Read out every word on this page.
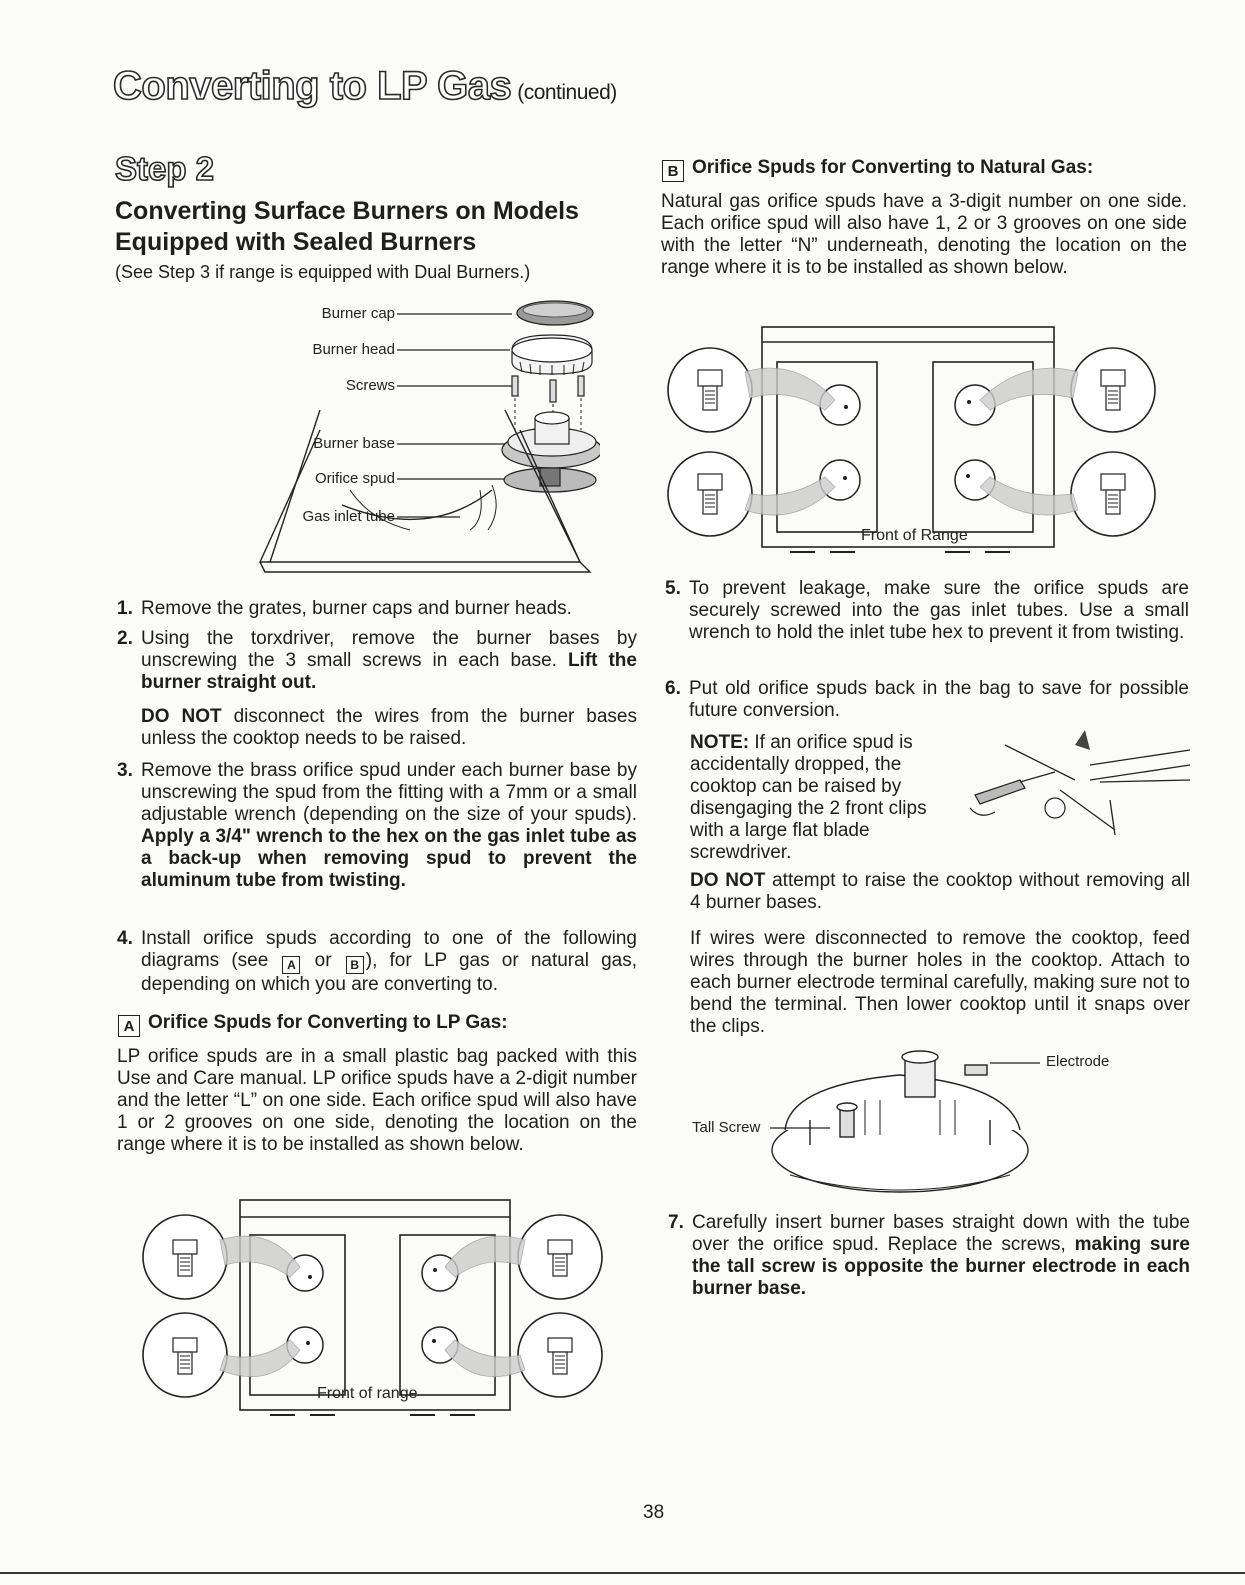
Converting to LP Gas (continued)
Step 2
Converting Surface Burners on Models Equipped with Sealed Burners
(See Step 3 if range is equipped with Dual Burners.)
Burner cap
Burner head
Screws
Burner base
Orifice spud
Gas inlet tube
1. Remove the grates, burner caps and burner heads.
2. Using the torxdriver, remove the burner bases by unscrewing the 3 small screws in each base. Lift the burner straight out.
DO NOT disconnect the wires from the burner bases unless the cooktop needs to be raised.
3. Remove the brass orifice spud under each burner base by unscrewing the spud from the fitting with a 7mm or a small adjustable wrench (depending on the size of your spuds). Apply a 3/4" wrench to the hex on the gas inlet tube as a back-up when removing spud to prevent the aluminum tube from twisting.
4. Install orifice spuds according to one of the following diagrams (see A or B ), for LP gas or natural gas, depending on which you are converting to.
A Orifice Spuds for Converting to LP Gas:
LP orifice spuds are in a small plastic bag packed with this Use and Care manual. LP orifice spuds have a 2-digit number and the letter “L” on one side. Each orifice spud will also have 1 or 2 grooves on one side, denoting the location on the range where it is to be installed as shown below.
Front of range
B Orifice Spuds for Converting to Natural Gas:
Natural gas orifice spuds have a 3-digit number on one side. Each orifice spud will also have 1, 2 or 3 grooves on one side with the letter “N” underneath, denoting the location on the range where it is to be installed as shown below.
Front of Range
5. To prevent leakage, make sure the orifice spuds are securely screwed into the gas inlet tubes. Use a small wrench to hold the inlet tube hex to prevent it from twisting.
6. Put old orifice spuds back in the bag to save for possible future conversion.
NOTE: If an orifice spud is accidentally dropped, the cooktop can be raised by disengaging the 2 front clips with a large flat blade screwdriver.
DO NOT attempt to raise the cooktop without removing all 4 burner bases.
If wires were disconnected to remove the cooktop, feed wires through the burner holes in the cooktop. Attach to each burner electrode terminal carefully, making sure not to bend the terminal. Then lower cooktop until it snaps over the clips.
Electrode
Tall Screw
7. Carefully insert burner bases straight down with the tube over the orifice spud. Replace the screws, making sure the tall screw is opposite the burner electrode in each burner base.
38
